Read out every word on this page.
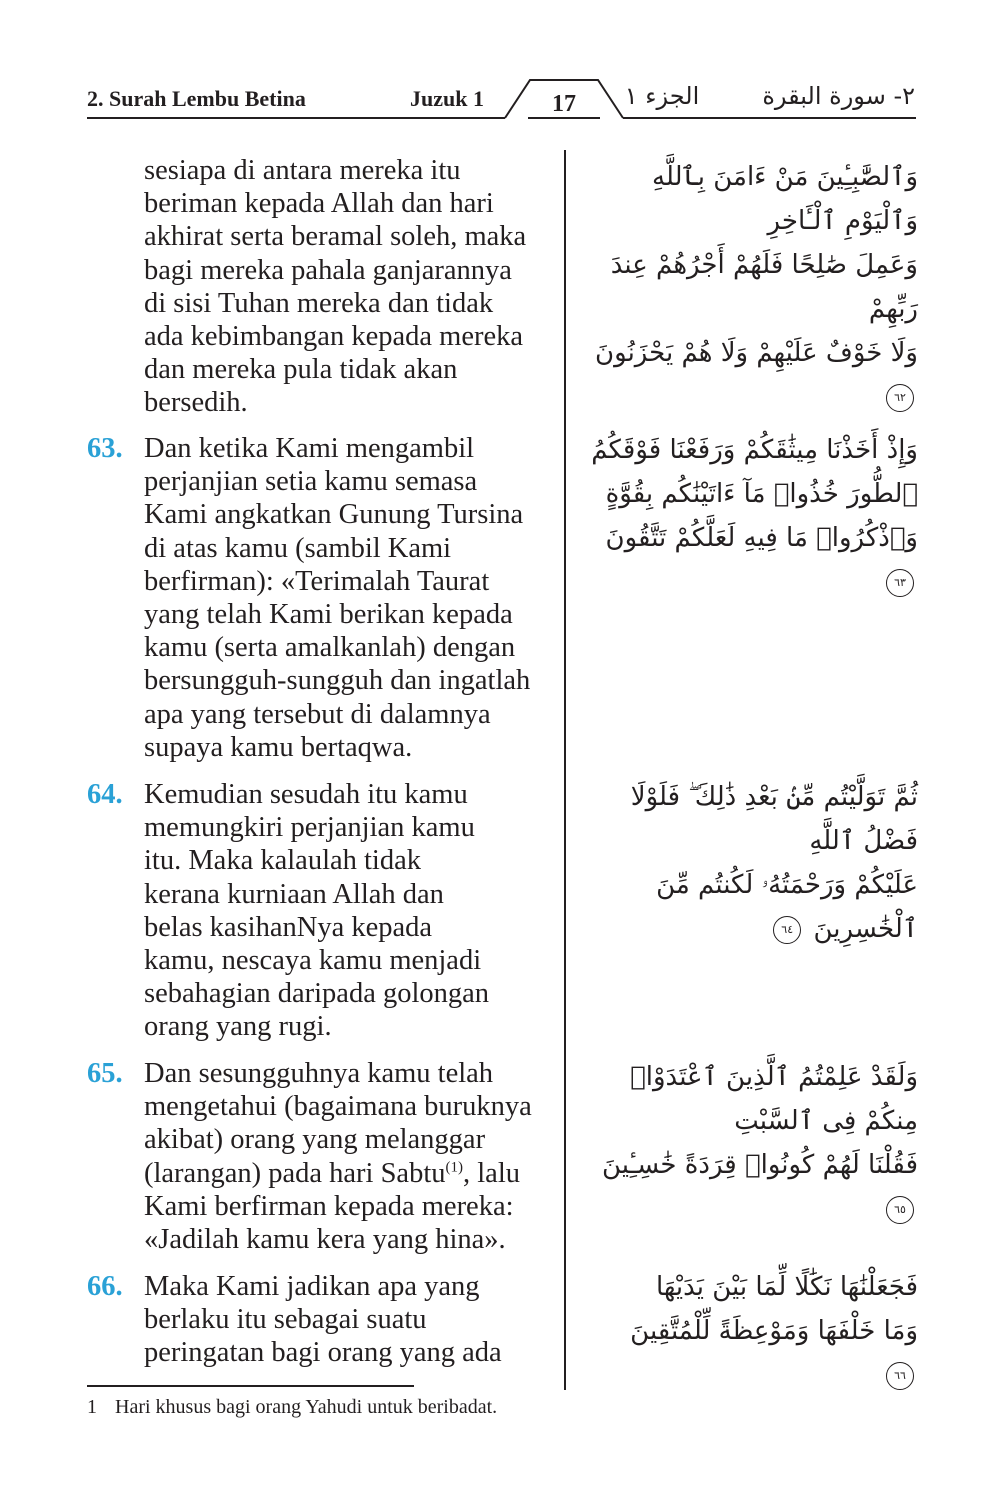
2. Surah Lembu Betina	Juzuk 1	17	الجزء ١	٢- سورة البقرة
sesiapa di antara mereka itu
beriman kepada Allah dan hari
akhirat serta beramal soleh, maka
bagi mereka pahala ganjarannya
di sisi Tuhan mereka dan tidak
ada kebimbangan kepada mereka
dan mereka pula tidak akan
bersedih.
وَٱلصَّٰبِـِٔينَ مَنْ ءَامَنَ بِٱللَّهِ وَٱلْيَوْمِ ٱلْـَٔاخِرِ
وَعَمِلَ صَٰلِحًا فَلَهُمْ أَجْرُهُمْ عِندَ رَبِّهِمْ
وَلَا خَوْفٌ عَلَيْهِمْ وَلَا هُمْ يَحْزَنُونَ ٦٢
63. Dan ketika Kami mengambil
perjanjian setia kamu semasa
Kami angkatkan Gunung Tursina
di atas kamu (sambil Kami
berfirman): «Terimalah Taurat
yang telah Kami berikan kepada
kamu (serta amalkanlah) dengan
bersungguh-sungguh dan ingatlah
apa yang tersebut di dalamnya
supaya kamu bertaqwa.
وَإِذْ أَخَذْنَا مِيثَٰقَكُمْ وَرَفَعْنَا فَوْقَكُمُ
ٱلطُّورَ خُذُوا۟ مَآ ءَاتَيْنَٰكُم بِقُوَّةٍ
وَٱذْكُرُوا۟ مَا فِيهِ لَعَلَّكُمْ تَتَّقُونَ ٦٣
64. Kemudian sesudah itu kamu
memungkiri perjanjian kamu
itu. Maka kalaulah tidak
kerana kurniaan Allah dan
belas kasihanNya kepada
kamu, nescaya kamu menjadi
sebahagian daripada golongan
orang yang rugi.
ثُمَّ تَوَلَّيْتُم مِّنۢ بَعْدِ ذَٰلِكَ ۖ فَلَوْلَا فَضْلُ ٱللَّهِ
عَلَيْكُمْ وَرَحْمَتُهُۥ لَكُنتُم مِّنَ ٱلْخَٰسِرِينَ ٦٤
65. Dan sesungguhnya kamu telah
mengetahui (bagaimana buruknya
akibat) orang yang melanggar
(larangan) pada hari Sabtu$^{(1)}$, lalu
Kami berfirman kepada mereka:
«Jadilah kamu kera yang hina».
وَلَقَدْ عَلِمْتُمُ ٱلَّذِينَ ٱعْتَدَوْا۟ مِنكُمْ فِى ٱلسَّبْتِ
فَقُلْنَا لَهُمْ كُونُوا۟ قِرَدَةً خَٰسِـِٔينَ ٦٥
66. Maka Kami jadikan apa yang
berlaku itu sebagai suatu
peringatan bagi orang yang ada
فَجَعَلْنَٰهَا نَكَٰلًا لِّمَا بَيْنَ يَدَيْهَا
وَمَا خَلْفَهَا وَمَوْعِظَةً لِّلْمُتَّقِينَ ٦٦
1 Hari khusus bagi orang Yahudi untuk beribadat.
